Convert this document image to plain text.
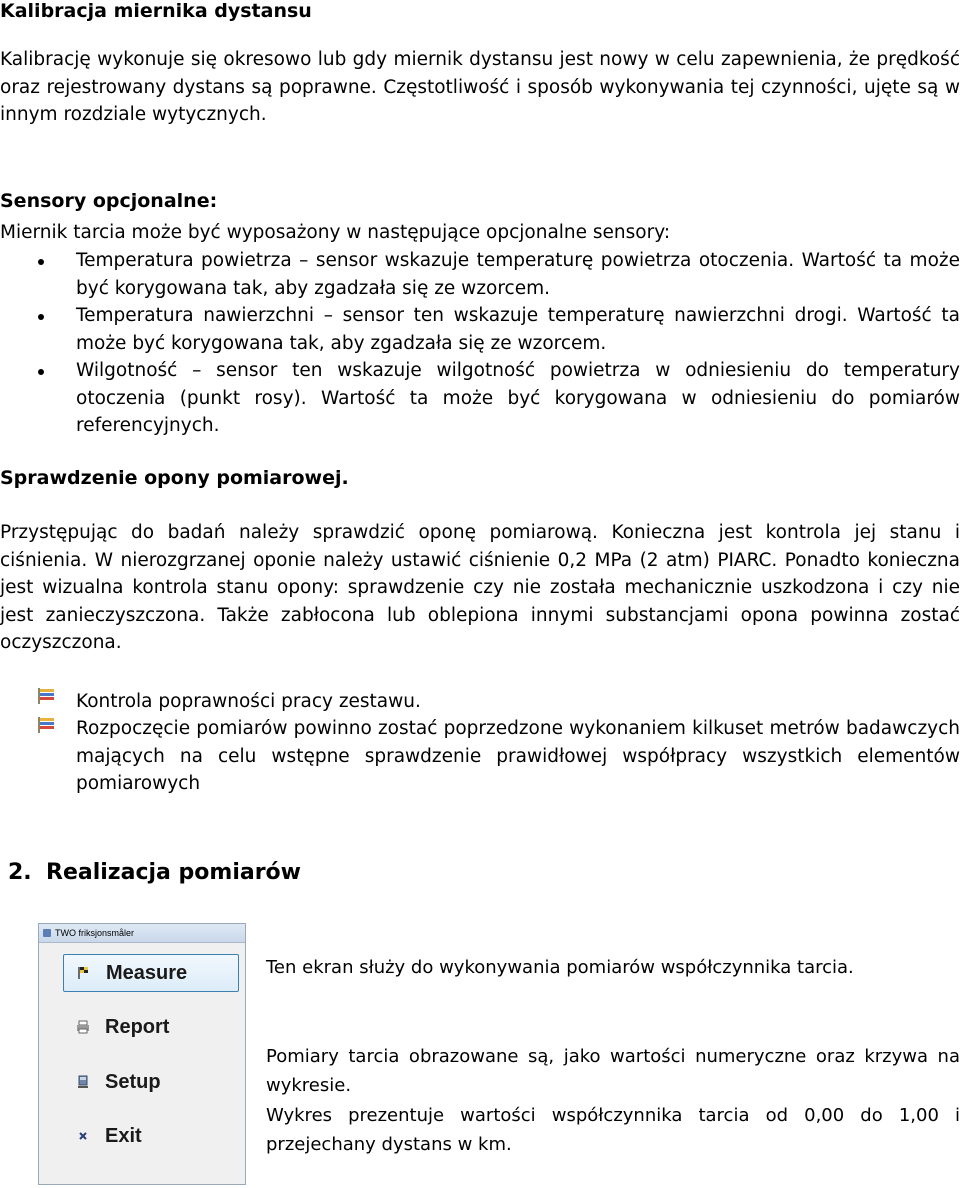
Kalibracja miernika dystansu
Kalibrację wykonuje się okresowo lub gdy miernik dystansu jest nowy w celu zapewnienia, że prędkość oraz rejestrowany dystans są poprawne. Częstotliwość i sposób wykonywania tej czynności, ujęte są w innym rozdziale wytycznych.
Sensory opcjonalne:
Miernik tarcia może być wyposażony w następujące opcjonalne sensory:
Temperatura powietrza – sensor wskazuje temperaturę powietrza otoczenia. Wartość ta może być korygowana tak, aby zgadzała się ze wzorcem.
Temperatura nawierzchni – sensor ten wskazuje temperaturę nawierzchni drogi. Wartość ta może być korygowana tak, aby zgadzała się ze wzorcem.
Wilgotność – sensor ten wskazuje wilgotność powietrza w odniesieniu do temperatury otoczenia (punkt rosy). Wartość ta może być korygowana w odniesieniu do pomiarów referencyjnych.
Sprawdzenie opony pomiarowej.
Przystępując do badań należy sprawdzić oponę pomiarową. Konieczna jest kontrola jej stanu i ciśnienia. W nierozgrzanej oponie należy ustawić ciśnienie 0,2 MPa (2 atm) PIARC. Ponadto konieczna jest wizualna kontrola stanu opony: sprawdzenie czy nie została mechanicznie uszkodzona i czy nie jest zanieczyszczona. Także zabłocona lub oblepiona innymi substancjami opona powinna zostać oczyszczona.
Kontrola poprawności pracy zestawu.
Rozpoczęcie pomiarów powinno zostać poprzedzone wykonaniem kilkuset metrów badawczych mających na celu wstępne sprawdzenie prawidłowej współpracy wszystkich elementów pomiarowych
2. Realizacja pomiarów
TWO friksjonsmåler
Measure
Report
Setup
Exit
Ten ekran służy do wykonywania pomiarów współczynnika tarcia.
Pomiary tarcia obrazowane są, jako wartości numeryczne oraz krzywa na wykresie.
Wykres prezentuje wartości współczynnika tarcia od 0,00 do 1,00 i przejechany dystans w km.
